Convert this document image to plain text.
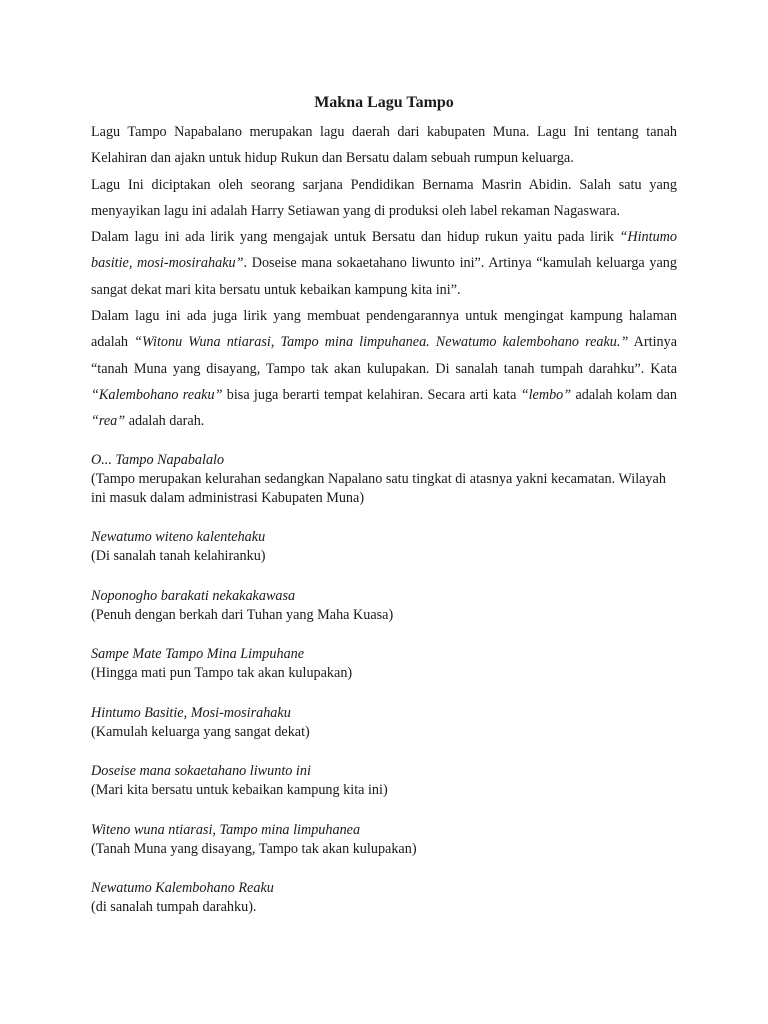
Makna Lagu Tampo

Lagu Tampo Napabalano merupakan lagu daerah dari kabupaten Muna. Lagu Ini tentang tanah Kelahiran dan ajakn untuk hidup Rukun dan Bersatu dalam sebuah rumpun keluarga.

Lagu Ini diciptakan oleh seorang sarjana Pendidikan Bernama Masrin Abidin. Salah satu yang menyayikan lagu ini adalah Harry Setiawan yang di produksi oleh label rekaman Nagaswara.

Dalam lagu ini ada lirik yang mengajak untuk Bersatu dan hidup rukun yaitu pada lirik “Hintumo basitie, mosi-mosirahaku”. Doseise mana sokaetahano liwunto ini”. Artinya “kamulah keluarga yang sangat dekat mari kita bersatu untuk kebaikan kampung kita ini”.

Dalam lagu ini ada juga lirik yang membuat pendengarannya untuk mengingat kampung halaman adalah “Witonu Wuna ntiarasi, Tampo mina limpuhanea. Newatumo kalembohano reaku.” Artinya “tanah Muna yang disayang, Tampo tak akan kulupakan. Di sanalah tanah tumpah darahku”. Kata “Kalembohano reaku” bisa juga berarti tempat kelahiran. Secara arti kata “lembo” adalah kolam dan “rea” adalah darah.

O... Tampo Napabalalo
(Tampo merupakan kelurahan sedangkan Napalano satu tingkat di atasnya yakni kecamatan. Wilayah ini masuk dalam administrasi Kabupaten Muna)
Newatumo witeno kalentehaku
(Di sanalah tanah kelahiranku)
Noponogho barakati nekakakawasa
(Penuh dengan berkah dari Tuhan yang Maha Kuasa)
Sampe Mate Tampo Mina Limpuhane
(Hingga mati pun Tampo tak akan kulupakan)
Hintumo Basitie, Mosi-mosirahaku
(Kamulah keluarga yang sangat dekat)
Doseise mana sokaetahano liwunto ini
(Mari kita bersatu untuk kebaikan kampung kita ini)
Witeno wuna ntiarasi, Tampo mina limpuhanea
(Tanah Muna yang disayang, Tampo tak akan kulupakan)
Newatumo Kalembohano Reaku
(di sanalah tumpah darahku).
